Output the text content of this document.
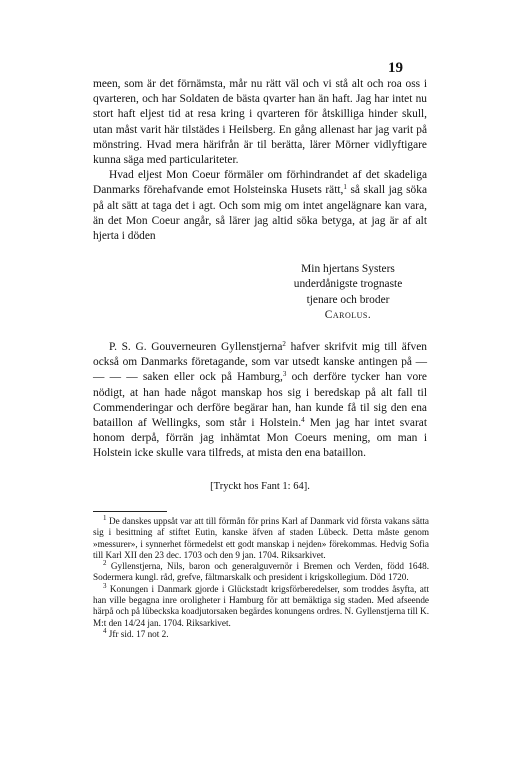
19

meen, som är det förnämsta, mår nu rätt väl och vi stå alt och roa oss i qvarteren, och har Soldaten de bästa qvarter han än haft. Jag har intet nu stort haft eljest tid at resa kring i qvarteren för åtskilliga hinder skull, utan måst varit här tilstädes i Heilsberg. En gång allenast har jag varit på mönstring. Hvad mera härifrån är til berätta, lärer Mörner vidlyftigare kunna säga med particulariteter.

Hvad eljest Mon Coeur förmäler om förhindrandet af det skadeliga Danmarks förehafvande emot Holsteinska Husets rätt,$^1$ så skall jag söka på alt sätt at taga det i agt. Och som mig om intet angelägnare kan vara, än det Mon Coeur angår, så lärer jag altid söka betyga, at jag är af alt hjerta i döden

Min hjertans Systers
underdånigste trognaste
tjenare och broder
Carolus.

P. S. G. Gouverneuren Gyllenstjerna$^2$ hafver skrifvit mig till äfven också om Danmarks företagande, som var utsedt kanske antingen på — — — — saken eller ock på Hamburg,$^3$ och derföre tycker han vore nödigt, at han hade något manskap hos sig i beredskap på alt fall til Commenderingar och derföre begärar han, han kunde få til sig den ena bataillon af Wellingks, som står i Holstein.$^4$ Men jag har intet svarat honom derpå, förrän jag inhämtat Mon Coeurs mening, om man i Holstein icke skulle vara tilfreds, at mista den ena bataillon.

[Tryckt hos Fant 1: 64].

$^1$ De danskes uppsåt var att till förmån för prins Karl af Danmark vid första vakans sätta sig i besittning af stiftet Eutin, kanske äfven af staden Lübeck. Detta måste genom »messurer», i synnerhet förmedelst ett godt manskap i nejden» förekommas. Hedvig Sofia till Karl XII den 23 dec. 1703 och den 9 jan. 1704. Riksarkivet.

$^2$ Gyllenstjerna, Nils, baron och generalguvernör i Bremen och Verden, född 1648. Sodermera kungl. råd, grefve, fältmarskalk och president i krigskollegium. Död 1720.

$^3$ Konungen i Danmark gjorde i Glückstadt krigsförberedelser, som troddes åsyfta, att han ville begagna inre oroligheter i Hamburg för att bemäktiga sig staden. Med afseende härpå och på lübeckska koadjutorsaken begärdes konungens ordres. N. Gyllenstjerna till K. M:t den 14/24 jan. 1704. Riksarkivet.

$^4$ Jfr sid. 17 not 2.
